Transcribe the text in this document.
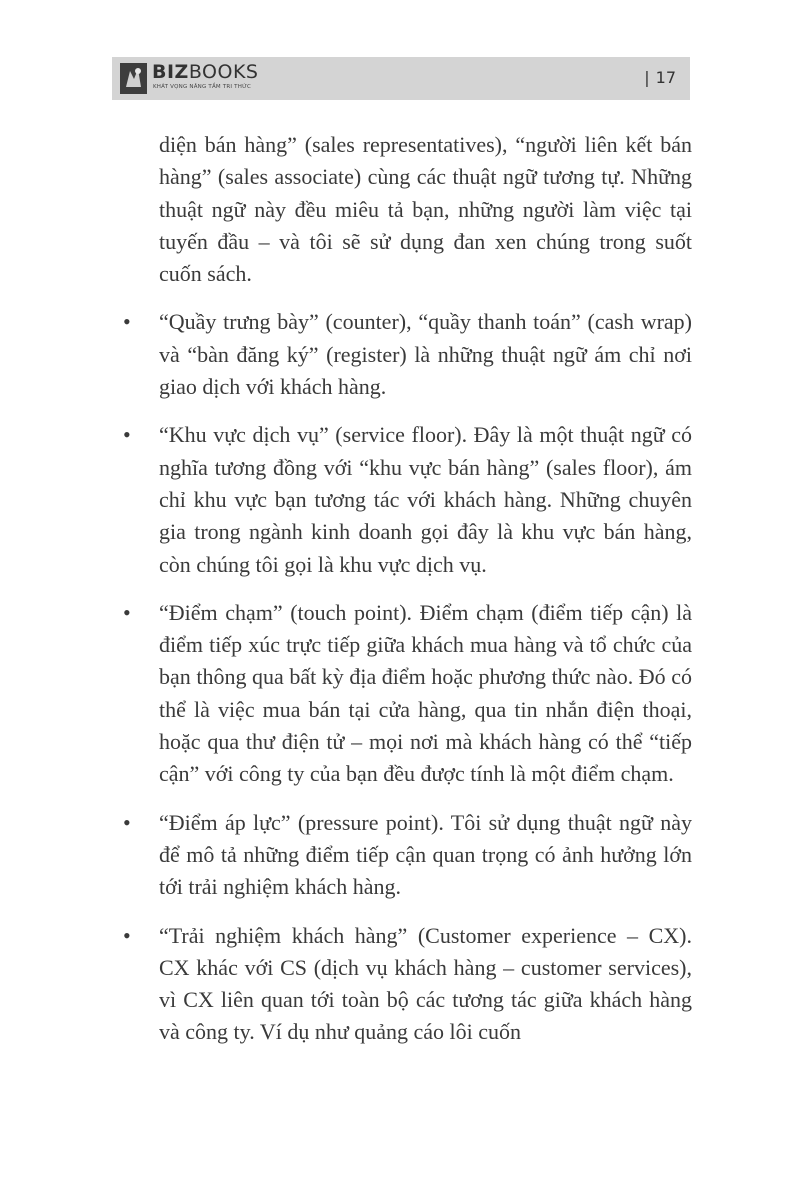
BIZBOOKS
KHÁT VỌNG NÂNG TẦM TRI THỨC	| 17

diện bán hàng” (sales representatives), “người liên kết bán hàng” (sales associate) cùng các thuật ngữ tương tự. Những thuật ngữ này đều miêu tả bạn, những người làm việc tại tuyến đầu – và tôi sẽ sử dụng đan xen chúng trong suốt cuốn sách.

• “Quầy trưng bày” (counter), “quầy thanh toán” (cash wrap) và “bàn đăng ký” (register) là những thuật ngữ ám chỉ nơi giao dịch với khách hàng.
• “Khu vực dịch vụ” (service floor). Đây là một thuật ngữ có nghĩa tương đồng với “khu vực bán hàng” (sales floor), ám chỉ khu vực bạn tương tác với khách hàng. Những chuyên gia trong ngành kinh doanh gọi đây là khu vực bán hàng, còn chúng tôi gọi là khu vực dịch vụ.
• “Điểm chạm” (touch point). Điểm chạm (điểm tiếp cận) là điểm tiếp xúc trực tiếp giữa khách mua hàng và tổ chức của bạn thông qua bất kỳ địa điểm hoặc phương thức nào. Đó có thể là việc mua bán tại cửa hàng, qua tin nhắn điện thoại, hoặc qua thư điện tử – mọi nơi mà khách hàng có thể “tiếp cận” với công ty của bạn đều được tính là một điểm chạm.
• “Điểm áp lực” (pressure point). Tôi sử dụng thuật ngữ này để mô tả những điểm tiếp cận quan trọng có ảnh hưởng lớn tới trải nghiệm khách hàng.
• “Trải nghiệm khách hàng” (Customer experience – CX). CX khác với CS (dịch vụ khách hàng – customer services), vì CX liên quan tới toàn bộ các tương tác giữa khách hàng và công ty. Ví dụ như quảng cáo lôi cuốn
